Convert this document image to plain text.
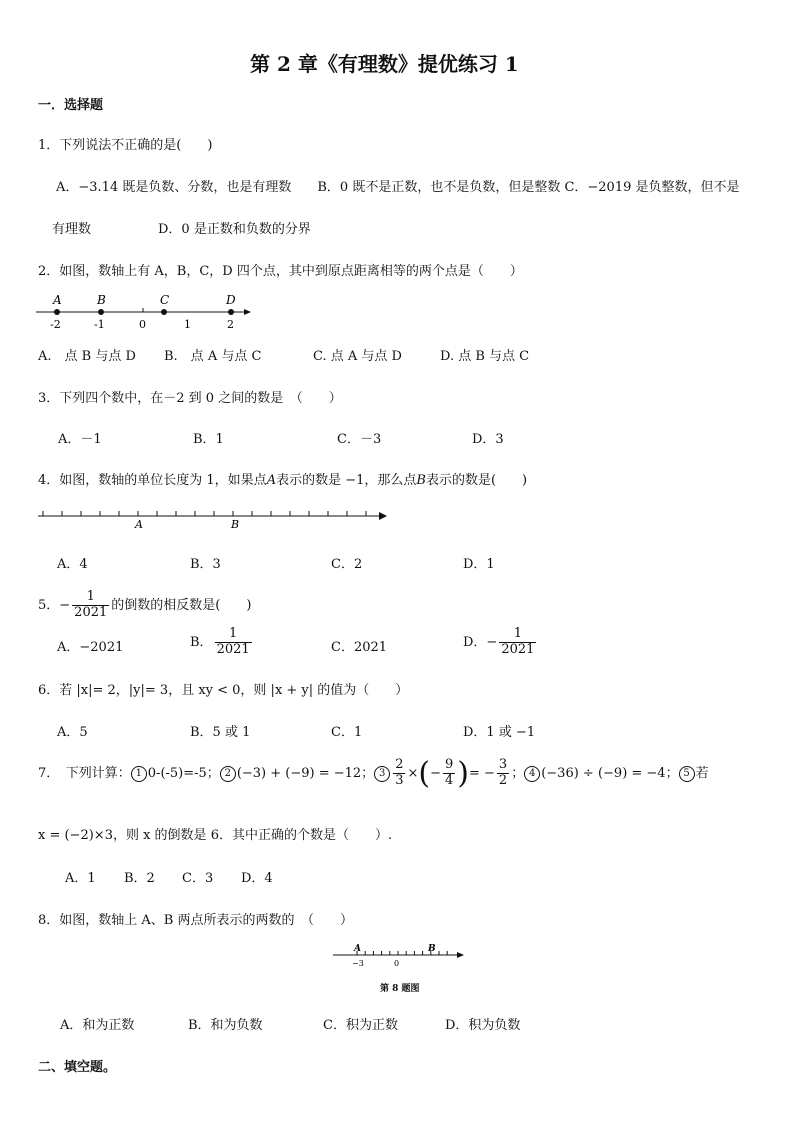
第 2 章《有理数》提优练习 1
一．选择题
1．下列说法不正确的是(　　)
A．−3.14 既是负数、分数，也是有理数　　B．0 既不是正数，也不是负数，但是整数 C．−2019 是负整数，但不是
有理数	D．0 是正数和负数的分界
2．如图，数轴上有 A，B，C，D 四个点，其中到原点距离相等的两个点是（　　）
A	B	C	D
-2	-1	0	1	2
A.　点 B 与点 D B.　点 A 与点 C	C. 点 A 与点 D	D. 点 B 与点 C
3．下列四个数中，在－2 到 0 之间的数是　（　　）
A．－1	B．1	C．－3	D．3
4．如图，数轴的单位长度为 1，如果点A表示的数是 −1，那么点B表示的数是(　　)
A	B
A．4	B．3	C．2	D．1
5．− $\frac{1}{2021}$ 的倒数的相反数是(　　)
A．−2021	B． $\frac{1}{2021}$	C．2021	D．− $\frac{1}{2021}$
6．若 |x|= 2，|y|= 3，且 xy < 0，则 |x + y| 的值为（　　）
A．5	B．5 或 1	C．1	D．1 或 −1
7．　下列计算： 1 0-(-5)=-5； 2 (−3) + (−9) = −12； $3 \frac{2}{3}$ ×(− $\frac{9}{4}$ )= − $\frac{3}{2}$ ； 4 (−36) ÷ (−9) = −4； 5 若
x = (−2)×3，则 x 的倒数是 6．其中正确的个数是（　　）.
A．1 B．2 C．3 D．4
8．如图，数轴上 A、B 两点所表示的两数的　（　　）
A	B
−3	0
第 8 题图
A．和为正数	B．和为负数	C．积为正数	D．积为负数
二、填空题。
